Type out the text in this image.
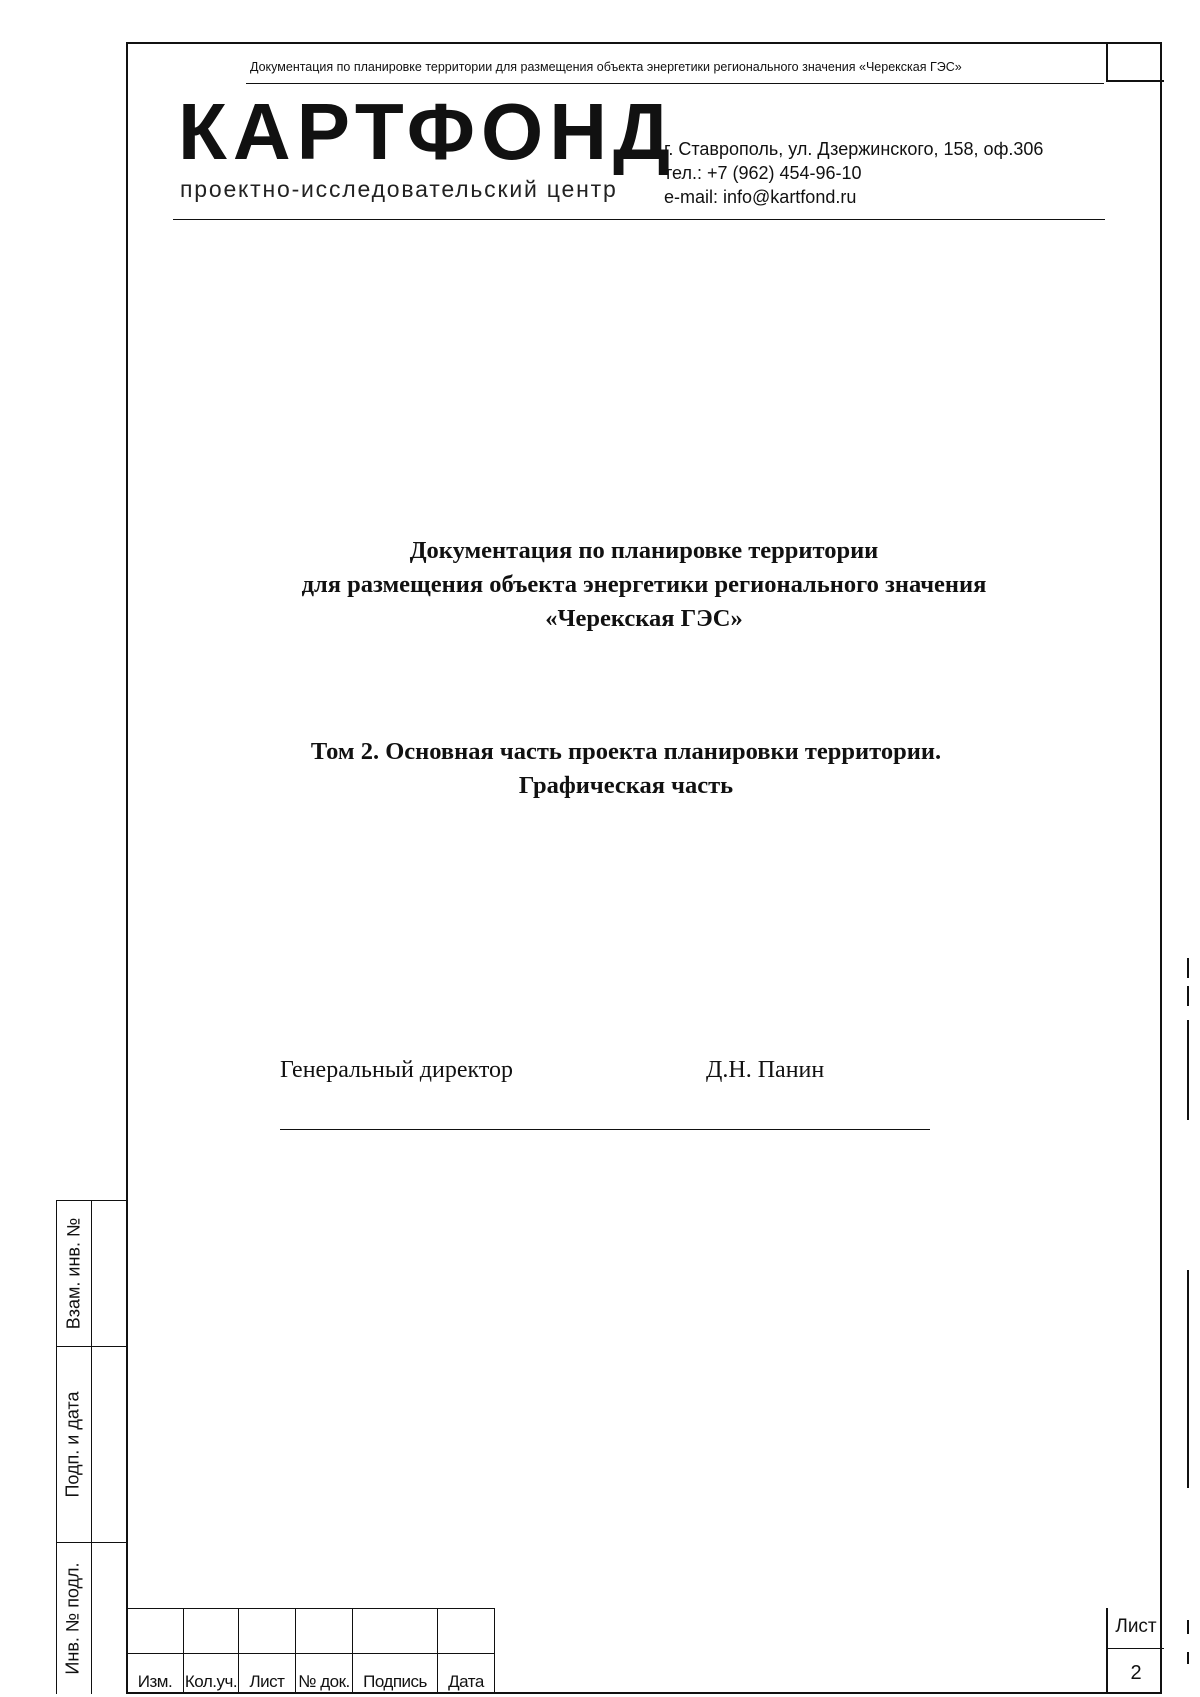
Документация по планировке территории для размещения объекта энергетики регионального значения «Черекская ГЭС»
КАРТФОНД
проектно-исследовательский центр
г. Ставрополь, ул. Дзержинского, 158, оф.306
тел.: +7 (962) 454-96-10
e-mail: info@kartfond.ru
Документация по планировке территории
для размещения объекта энергетики регионального значения
«Черекская ГЭС»
Том 2. Основная часть проекта планировки территории.
Графическая часть
Генеральный директор	Д.Н. Панин
Взам. инв. №
Подп. и дата
Инв. № подл.

Изм.	Кол.уч.	Лист	№ док.	Подпись	Дата
Лист
2
